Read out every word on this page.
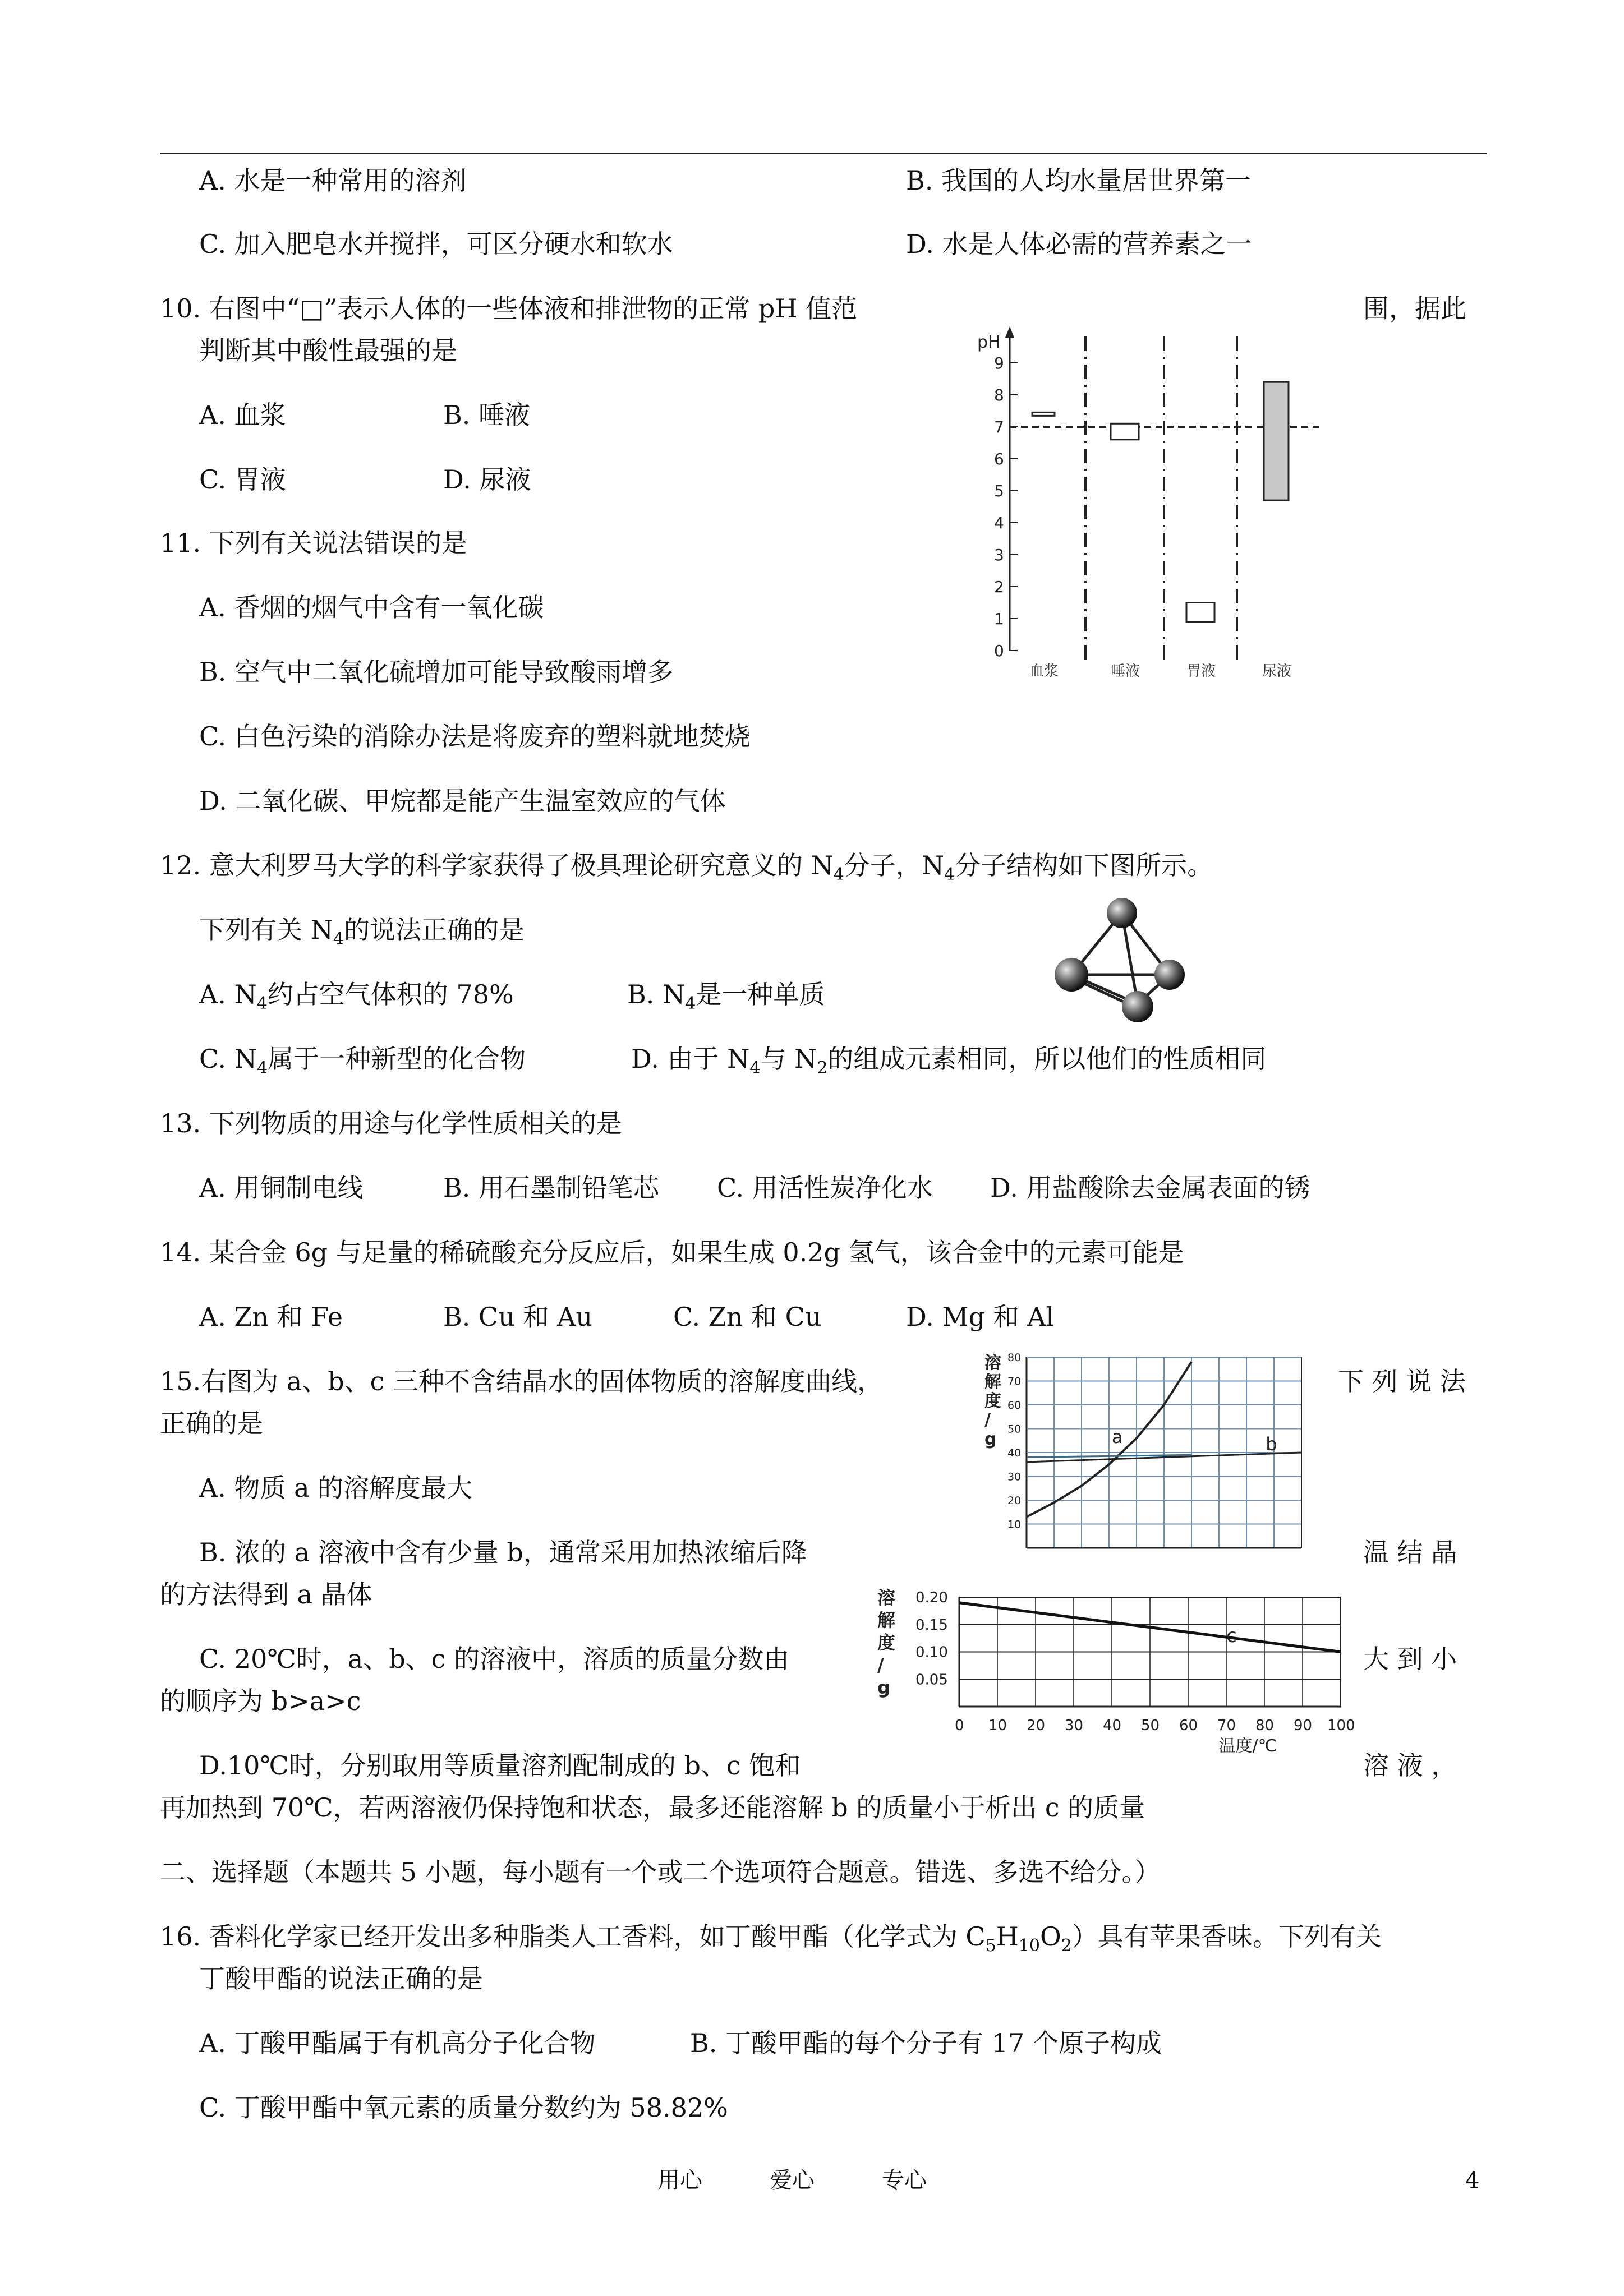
A. 水是一种常用的溶剂	B. 我国的人均水量居世界第一
C. 加入肥皂水并搅拌，可区分硬水和软水	D. 水是人体必需的营养素之一
10. 右图中“□”表示人体的一些体液和排泄物的正常 pH 值范	围，据此
判断其中酸性最强的是
A. 血浆	B. 唾液
C. 胃液	D. 尿液
pH
0
1
2
3
4
5
6
7
8
9
血浆	唾液	胃液	尿液
11. 下列有关说法错误的是
A. 香烟的烟气中含有一氧化碳
B. 空气中二氧化硫增加可能导致酸雨增多
C. 白色污染的消除办法是将废弃的塑料就地焚烧
D. 二氧化碳、甲烷都是能产生温室效应的气体
12. 意大利罗马大学的科学家获得了极具理论研究意义的 $N_4$分子，$N_4$分子结构如下图所示。
下列有关 $N_4$的说法正确的是
A. $N_4$约占空气体积的 78%	B. $N_4$是一种单质
C. $N_4$属于一种新型的化合物	D. 由于 $N_4$与 $N_2$的组成元素相同，所以他们的性质相同
13. 下列物质的用途与化学性质相关的是
A. 用铜制电线	B. 用石墨制铅笔芯 C. 用活性炭净化水 D. 用盐酸除去金属表面的锈
14. 某合金 6g 与足量的稀硫酸充分反应后，如果生成 0.2g 氢气，该合金中的元素可能是
A. Zn 和 Fe	B. Cu 和 Au	C. Zn 和 Cu	D. Mg 和 Al
15.右图为 a、b、c 三种不含结晶水的固体物质的溶解度曲线，	下 列 说 法
正确的是
A. 物质 a 的溶解度最大
B. 浓的 a 溶液中含有少量 b，通常采用加热浓缩后降	温 结 晶
的方法得到 a 晶体
C. 20℃时，a、b、c 的溶液中，溶质的质量分数由	大 到 小
的顺序为 b>a>c
D.10℃时，分别取用等质量溶剂配制成的 b、c 饱和	溶 液 ，
再加热到 70℃，若两溶液仍保持饱和状态，最多还能溶解 b 的质量小于析出 c 的质量
10
20
30
40
50
60
70
80
溶
解
度
/
g	a	b
0.05
0.10
0.15
0.20
0 10 20 30 40 50 60 70 80 90 100
溶
解
度
/
g
温度/℃
c
二、选择题（本题共 5 小题，每小题有一个或二个选项符合题意。错选、多选不给分。）
16. 香料化学家已经开发出多种脂类人工香料，如丁酸甲酯（化学式为 $C_5H_{10}O_2$）具有苹果香味。下列有关
丁酸甲酯的说法正确的是
A. 丁酸甲酯属于有机高分子化合物	B. 丁酸甲酯的每个分子有 17 个原子构成
C. 丁酸甲酯中氧元素的质量分数约为 58.82%
用心	爱心	专心	4
